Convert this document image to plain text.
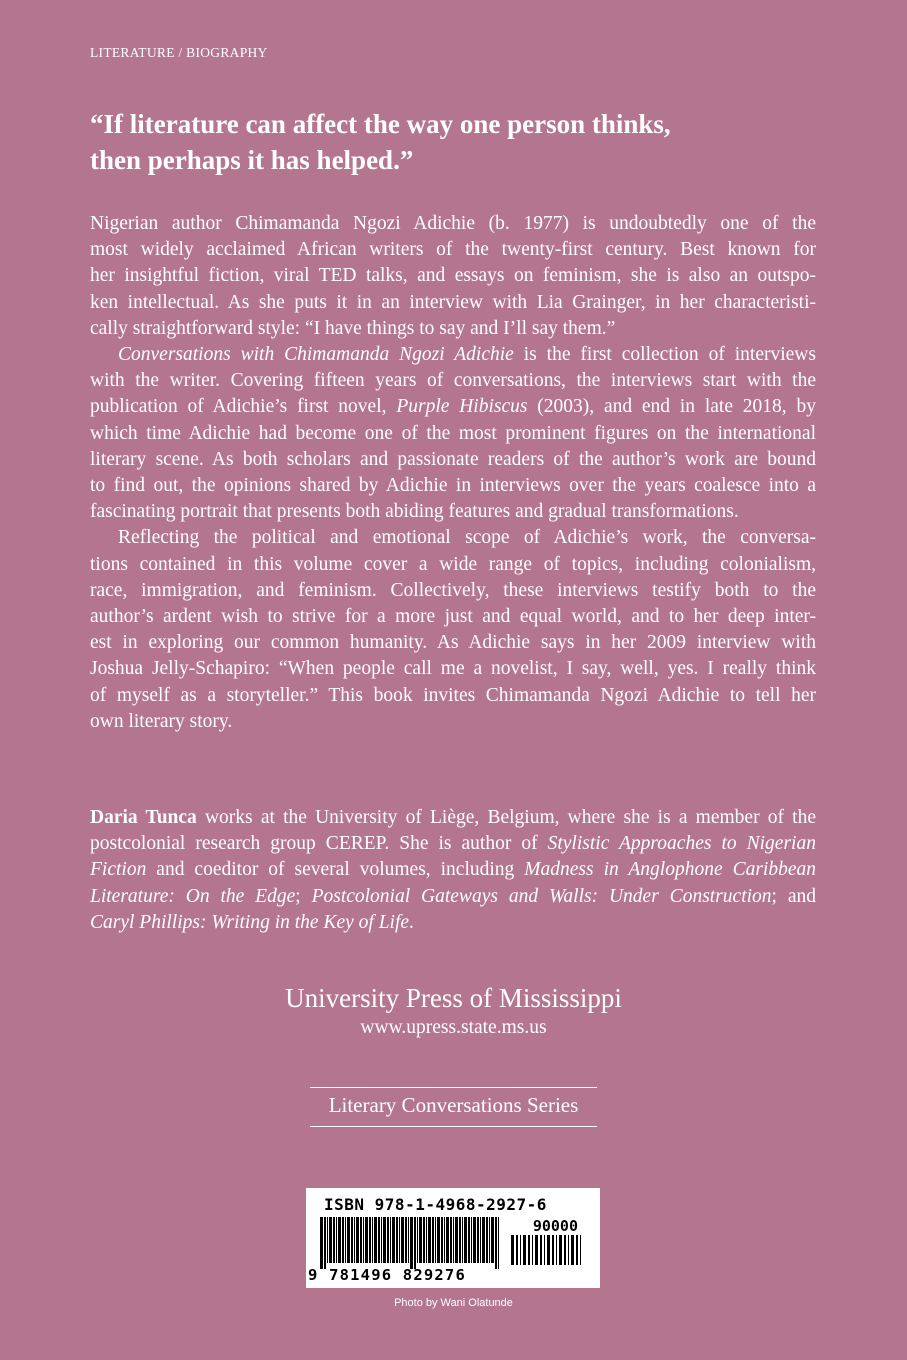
LITERATURE / BIOGRAPHY
“If literature can affect the way one person thinks,
then perhaps it has helped.”
Nigerian author Chimamanda Ngozi Adichie (b. 1977) is undoubtedly one of the
most widely acclaimed African writers of the twenty-first century. Best known for
her insightful fiction, viral TED talks, and essays on feminism, she is also an outspo-
ken intellectual. As she puts it in an interview with Lia Grainger, in her characteristi-
cally straightforward style: “I have things to say and I’ll say them.”
Conversations with Chimamanda Ngozi Adichie is the first collection of interviews
with the writer. Covering fifteen years of conversations, the interviews start with the
publication of Adichie’s first novel, Purple Hibiscus (2003), and end in late 2018, by
which time Adichie had become one of the most prominent figures on the international
literary scene. As both scholars and passionate readers of the author’s work are bound
to find out, the opinions shared by Adichie in interviews over the years coalesce into a
fascinating portrait that presents both abiding features and gradual transformations.
Reflecting the political and emotional scope of Adichie’s work, the conversa-
tions contained in this volume cover a wide range of topics, including colonialism,
race, immigration, and feminism. Collectively, these interviews testify both to the
author’s ardent wish to strive for a more just and equal world, and to her deep inter-
est in exploring our common humanity. As Adichie says in her 2009 interview with
Joshua Jelly-Schapiro: “When people call me a novelist, I say, well, yes. I really think
of myself as a storyteller.” This book invites Chimamanda Ngozi Adichie to tell her
own literary story.
Daria Tunca works at the University of Liège, Belgium, where she is a member of the
postcolonial research group CEREP. She is author of Stylistic Approaches to Nigerian
Fiction and coeditor of several volumes, including Madness in Anglophone Caribbean
Literature: On the Edge; Postcolonial Gateways and Walls: Under Construction; and
Caryl Phillips: Writing in the Key of Life.
University Press of Mississippi
www.upress.state.ms.us
Literary Conversations Series
ISBN 978-1-4968-2927-6
90000
9 781496 829276
Photo by Wani Olatunde
